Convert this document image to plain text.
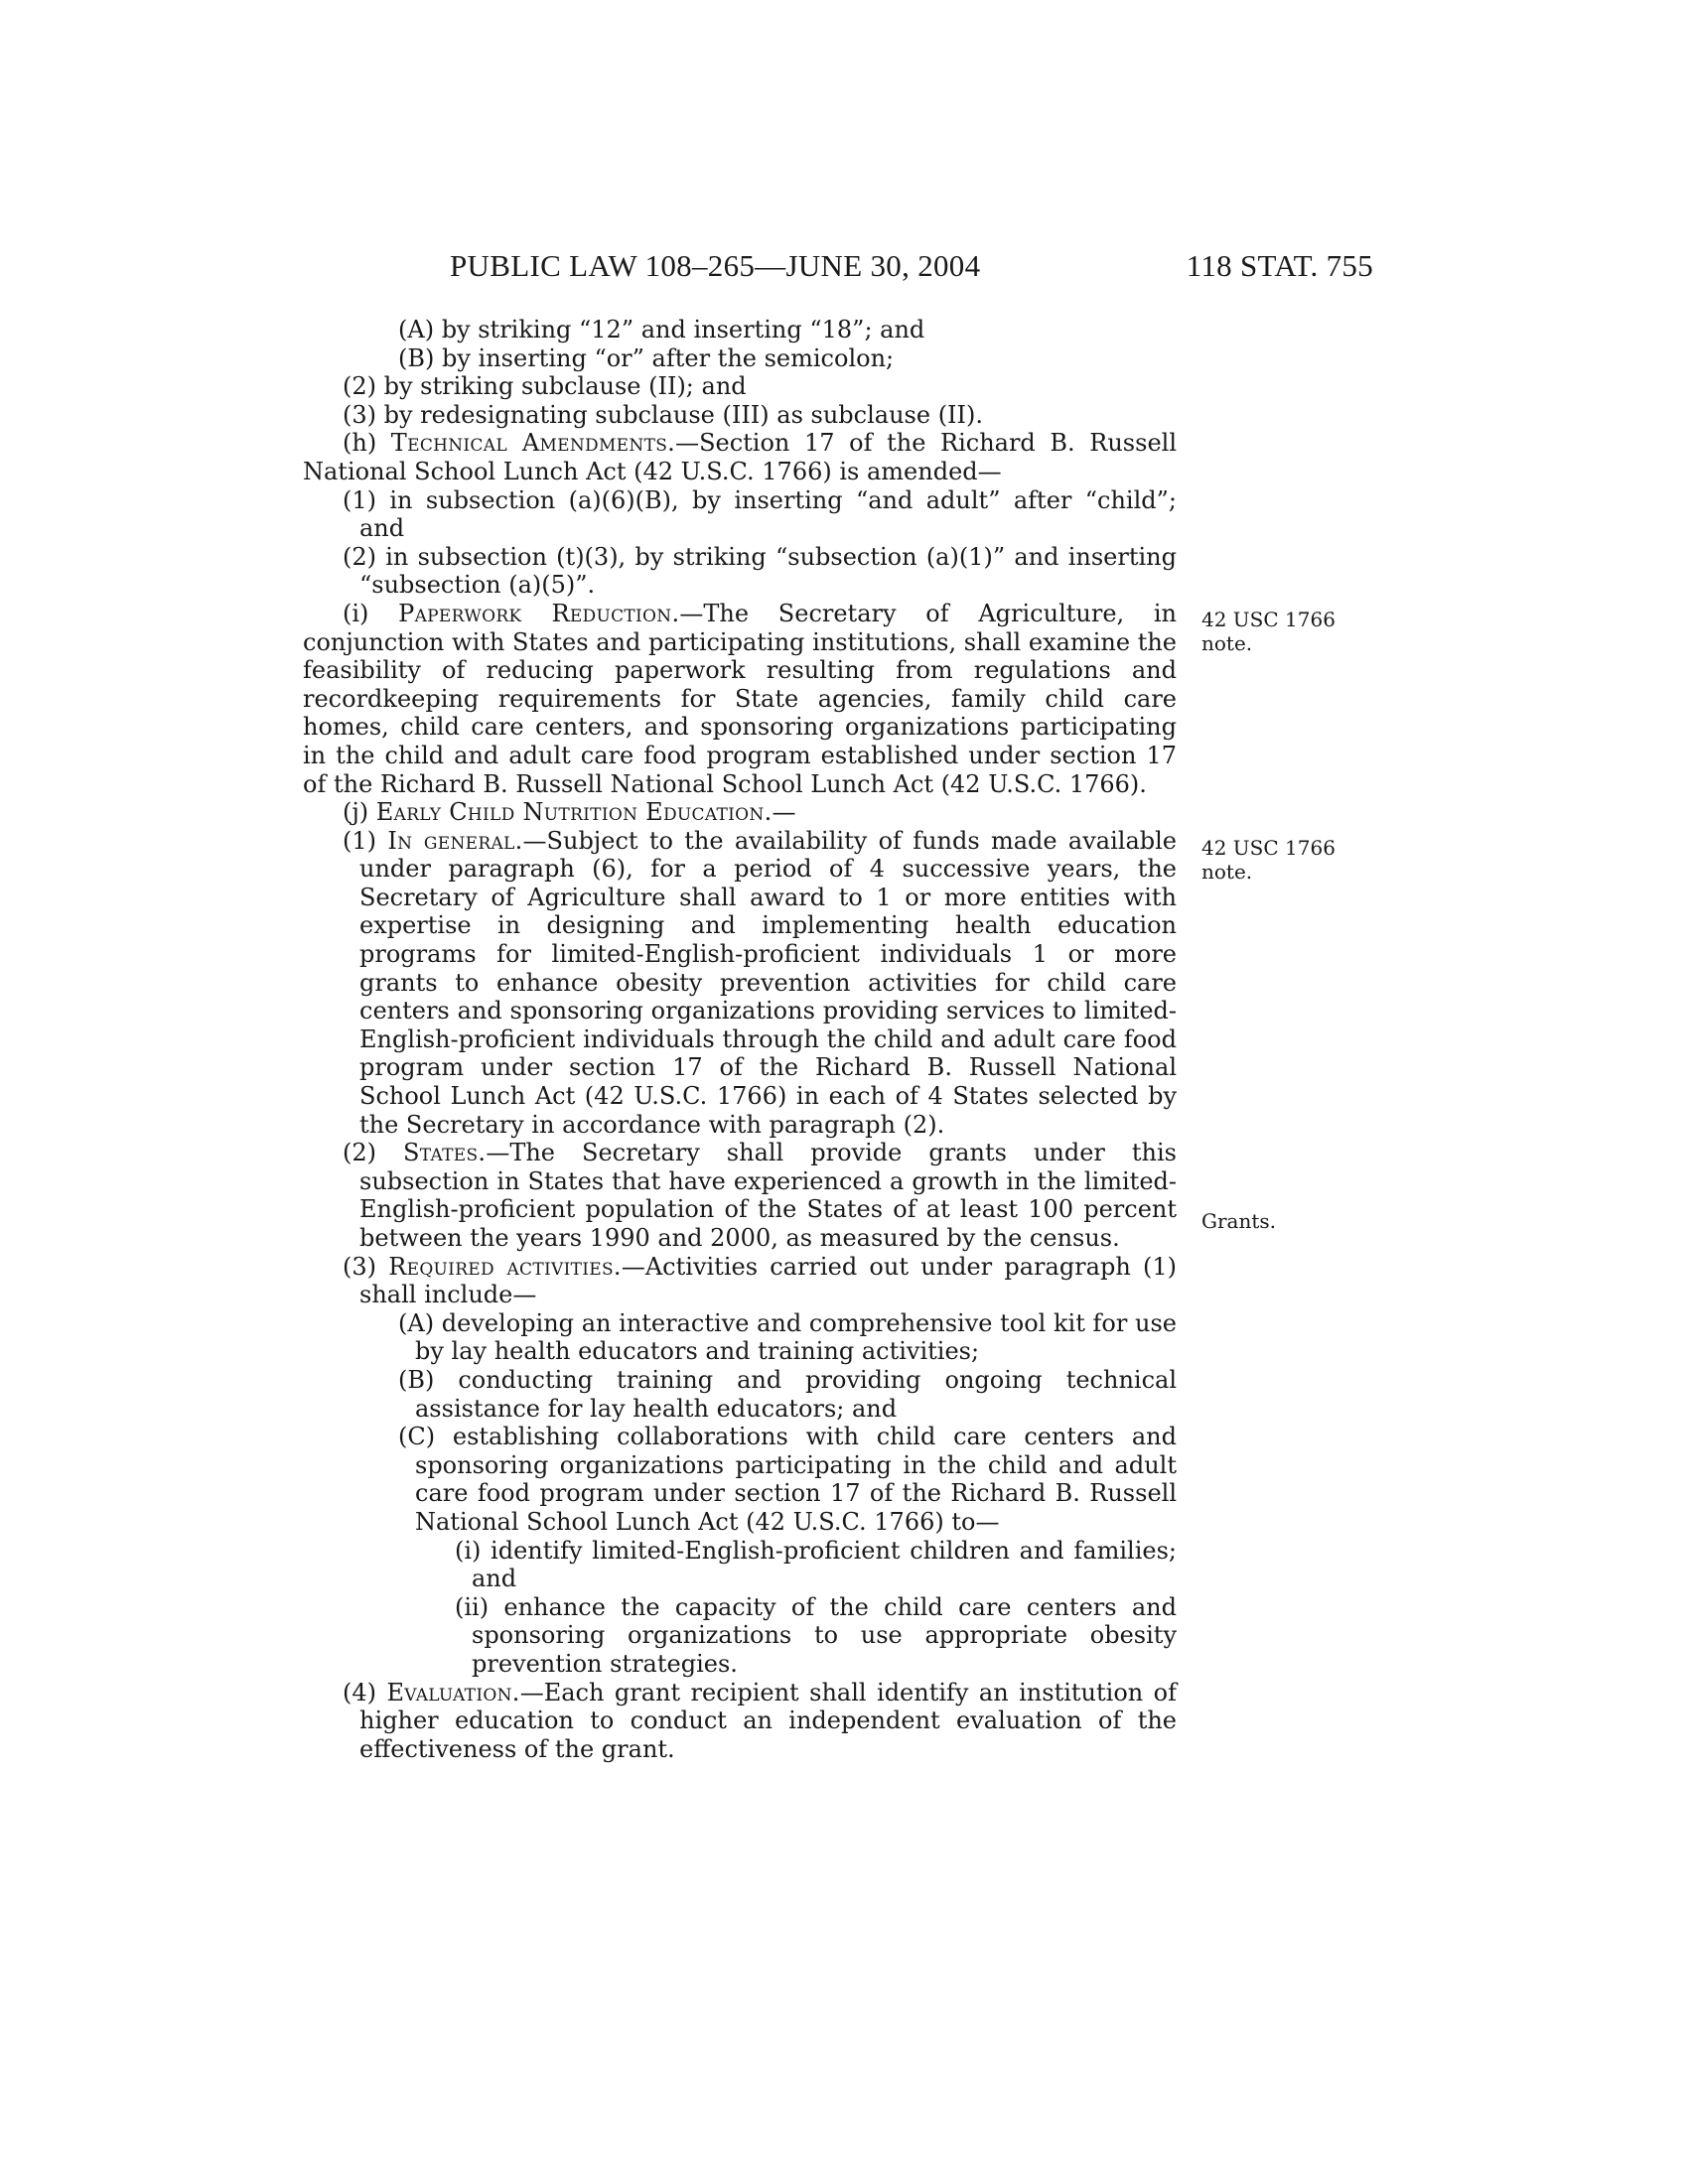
PUBLIC LAW 108–265—JUNE 30, 2004	118 STAT. 755
(A) by striking “12” and inserting “18”; and
(B) by inserting “or” after the semicolon;
(2) by striking subclause (II); and
(3) by redesignating subclause (III) as subclause (II).
(h) Technical Amendments.—Section 17 of the Richard B. Russell National School Lunch Act (42 U.S.C. 1766) is amended—
(1) in subsection (a)(6)(B), by inserting “and adult” after “child”; and
(2) in subsection (t)(3), by striking “subsection (a)(1)” and inserting “subsection (a)(5)”.
(i) Paperwork Reduction.—The Secretary of Agriculture, in conjunction with States and participating institutions, shall examine the feasibility of reducing paperwork resulting from regulations and recordkeeping requirements for State agencies, family child care homes, child care centers, and sponsoring organizations participating in the child and adult care food program established under section 17 of the Richard B. Russell National School Lunch Act (42 U.S.C. 1766).
(j) Early Child Nutrition Education.—
(1) In general.—Subject to the availability of funds made available under paragraph (6), for a period of 4 successive years, the Secretary of Agriculture shall award to 1 or more entities with expertise in designing and implementing health education programs for limited-English-proficient individuals 1 or more grants to enhance obesity prevention activities for child care centers and sponsoring organizations providing services to limited-English-proficient individuals through the child and adult care food program under section 17 of the Richard B. Russell National School Lunch Act (42 U.S.C. 1766) in each of 4 States selected by the Secretary in accordance with paragraph (2).
(2) States.—The Secretary shall provide grants under this subsection in States that have experienced a growth in the limited-English-proficient population of the States of at least 100 percent between the years 1990 and 2000, as measured by the census.
(3) Required activities.—Activities carried out under paragraph (1) shall include—
(A) developing an interactive and comprehensive tool kit for use by lay health educators and training activities;
(B) conducting training and providing ongoing technical assistance for lay health educators; and
(C) establishing collaborations with child care centers and sponsoring organizations participating in the child and adult care food program under section 17 of the Richard B. Russell National School Lunch Act (42 U.S.C. 1766) to—
(i) identify limited-English-proficient children and families; and
(ii) enhance the capacity of the child care centers and sponsoring organizations to use appropriate obesity prevention strategies.
(4) Evaluation.—Each grant recipient shall identify an institution of higher education to conduct an independent evaluation of the effectiveness of the grant.
42 USC 1766
note.
42 USC 1766
note.
Grants.
